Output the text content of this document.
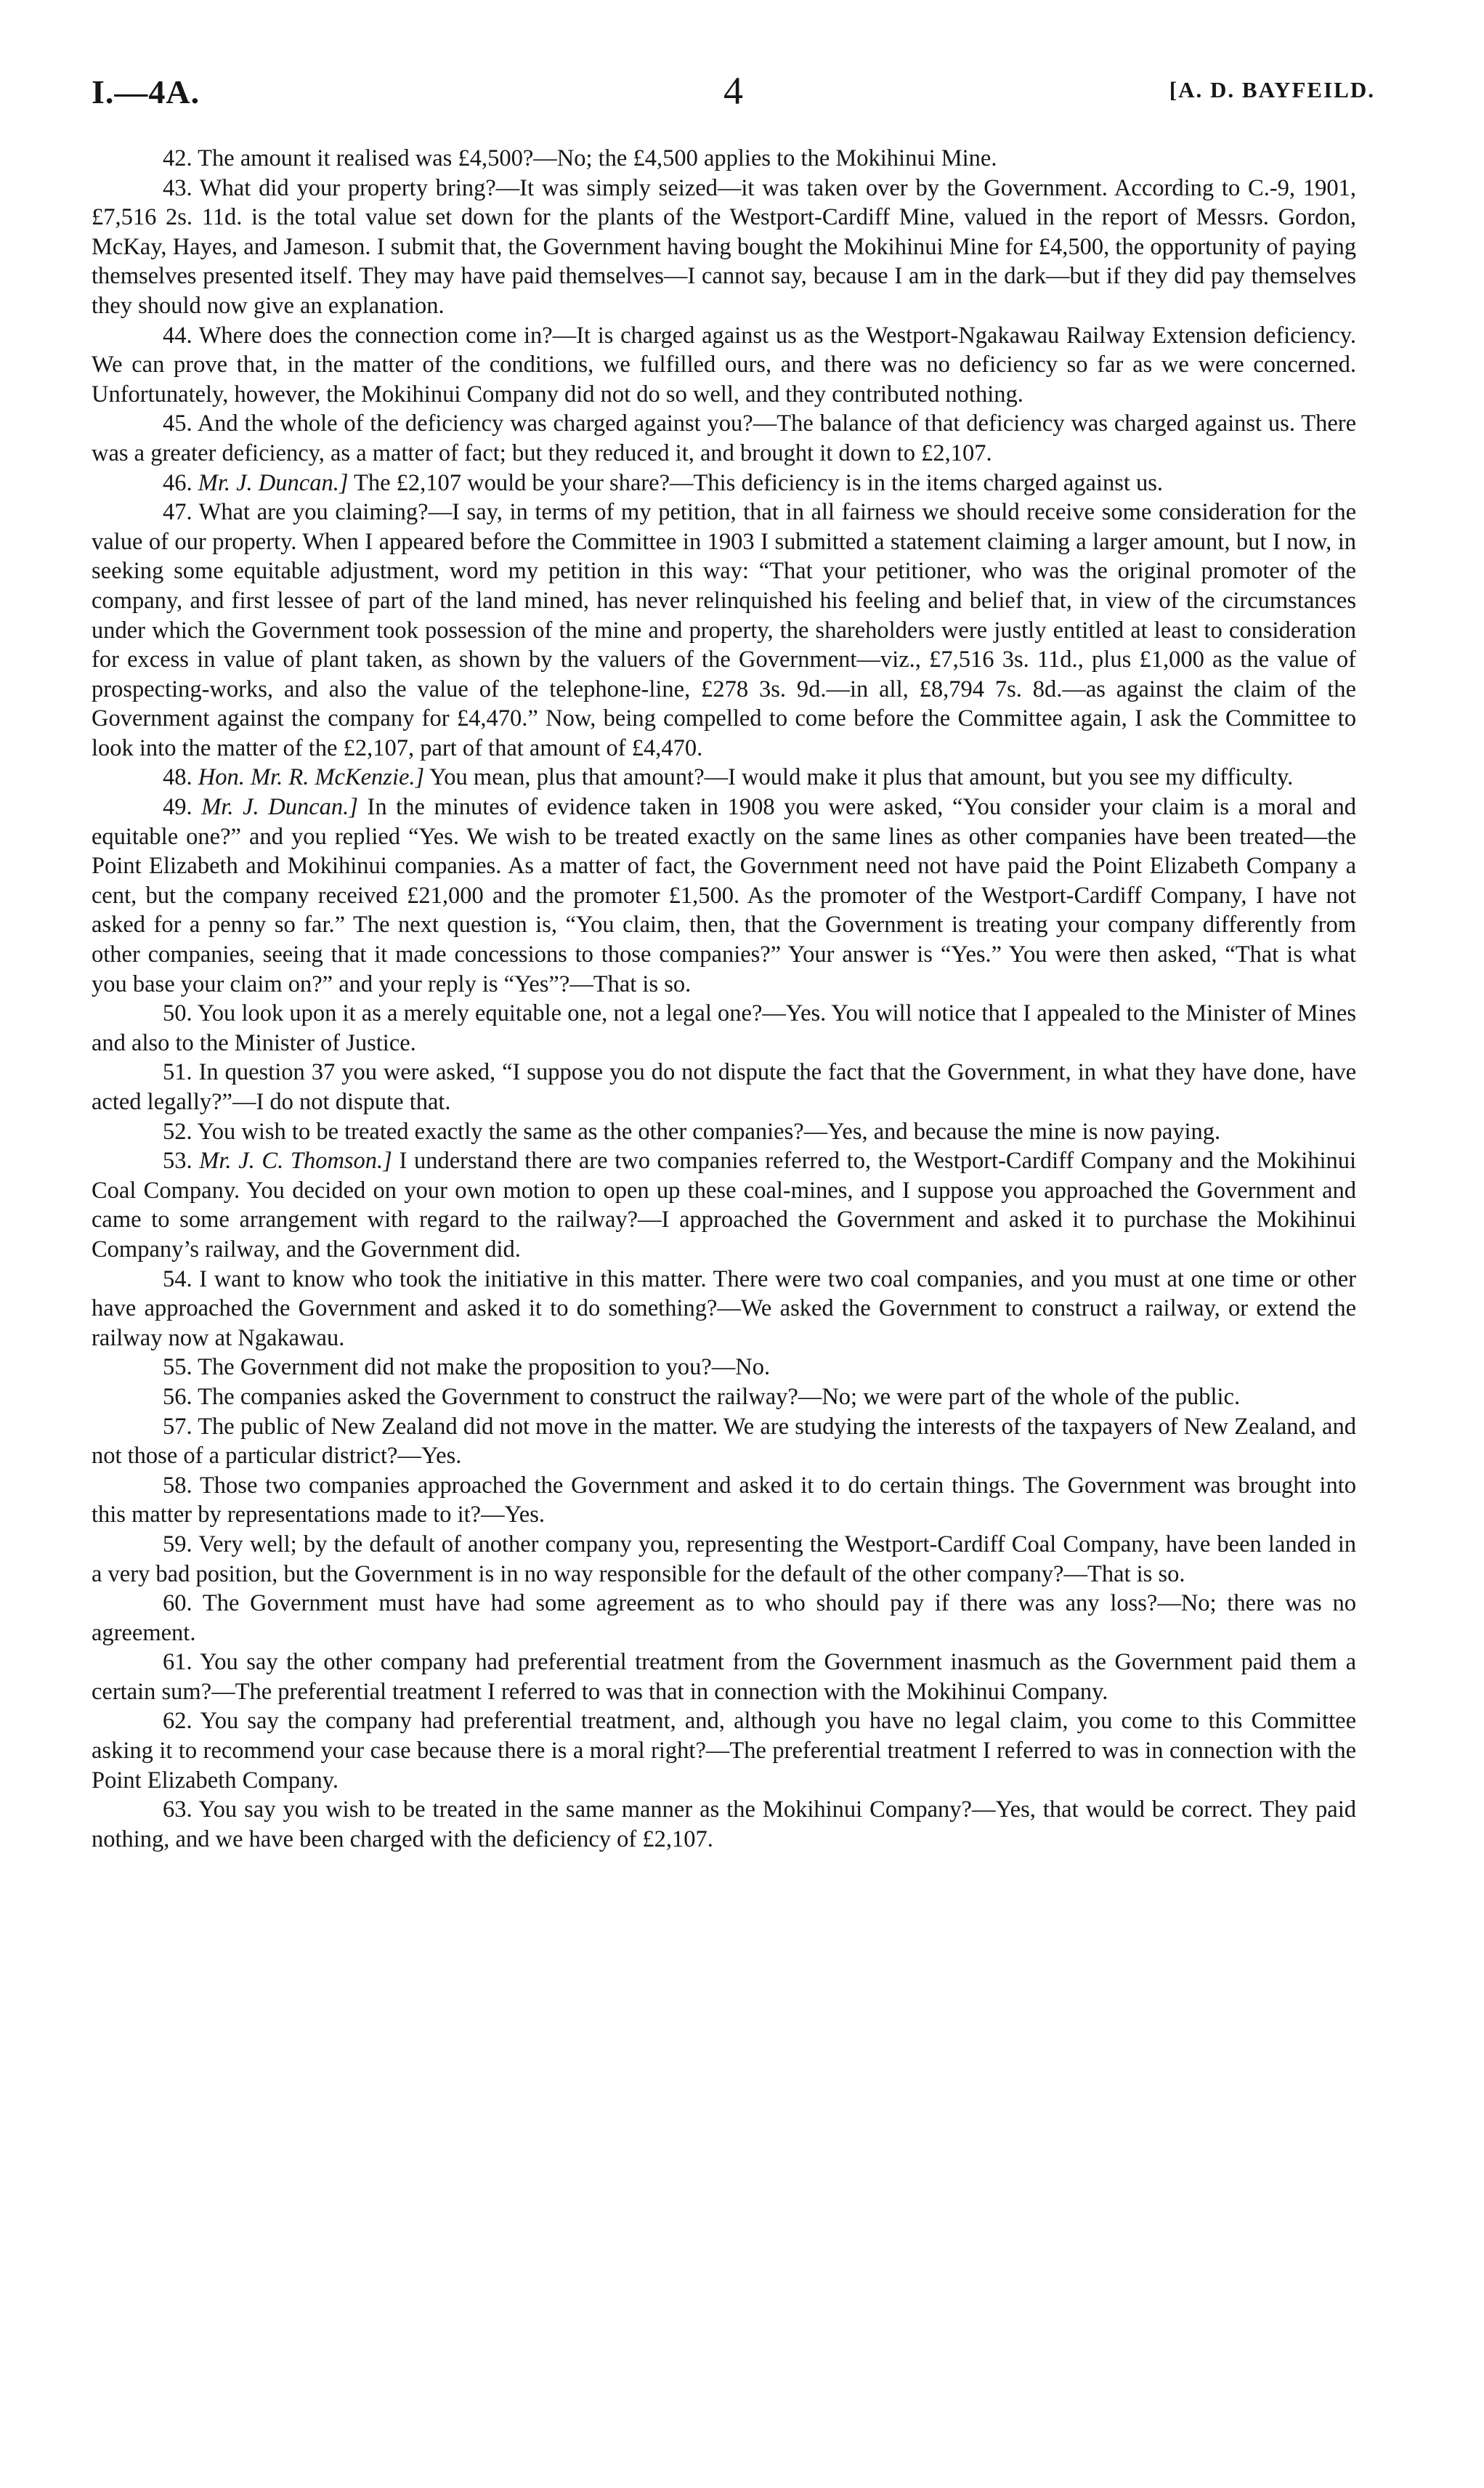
I.—4A.	4	[A. D. BAYFEILD.

42. The amount it realised was £4,500?—No; the £4,500 applies to the Mokihinui Mine.

43. What did your property bring?—It was simply seized—it was taken over by the Government. According to C.-9, 1901, £7,516 2s. 11d. is the total value set down for the plants of the Westport-Cardiff Mine, valued in the report of Messrs. Gordon, McKay, Hayes, and Jameson. I submit that, the Government having bought the Mokihinui Mine for £4,500, the opportunity of paying themselves presented itself. They may have paid themselves—I cannot say, because I am in the dark—but if they did pay themselves they should now give an explanation.

44. Where does the connection come in?—It is charged against us as the Westport-Ngakawau Railway Extension deficiency. We can prove that, in the matter of the conditions, we fulfilled ours, and there was no deficiency so far as we were concerned. Unfortunately, however, the Mokihinui Company did not do so well, and they contributed nothing.

45. And the whole of the deficiency was charged against you?—The balance of that deficiency was charged against us. There was a greater deficiency, as a matter of fact; but they reduced it, and brought it down to £2,107.

46. Mr. J. Duncan.] The £2,107 would be your share?—This deficiency is in the items charged against us.

47. What are you claiming?—I say, in terms of my petition, that in all fairness we should receive some consideration for the value of our property. When I appeared before the Committee in 1903 I submitted a statement claiming a larger amount, but I now, in seeking some equitable adjustment, word my petition in this way: “That your petitioner, who was the original promoter of the company, and first lessee of part of the land mined, has never relinquished his feeling and belief that, in view of the circumstances under which the Government took possession of the mine and property, the shareholders were justly entitled at least to consideration for excess in value of plant taken, as shown by the valuers of the Government—viz., £7,516 3s. 11d., plus £1,000 as the value of prospecting-works, and also the value of the telephone-line, £278 3s. 9d.—in all, £8,794 7s. 8d.—as against the claim of the Government against the company for £4,470.” Now, being compelled to come before the Committee again, I ask the Committee to look into the matter of the £2,107, part of that amount of £4,470.

48. Hon. Mr. R. McKenzie.] You mean, plus that amount?—I would make it plus that amount, but you see my difficulty.

49. Mr. J. Duncan.] In the minutes of evidence taken in 1908 you were asked, “You consider your claim is a moral and equitable one?” and you replied “Yes. We wish to be treated exactly on the same lines as other companies have been treated—the Point Elizabeth and Mokihinui companies. As a matter of fact, the Government need not have paid the Point Elizabeth Company a cent, but the company received £21,000 and the promoter £1,500. As the promoter of the Westport-Cardiff Company, I have not asked for a penny so far.” The next question is, “You claim, then, that the Government is treating your company differently from other companies, seeing that it made concessions to those companies?” Your answer is “Yes.” You were then asked, “That is what you base your claim on?” and your reply is “Yes”?—That is so.

50. You look upon it as a merely equitable one, not a legal one?—Yes. You will notice that I appealed to the Minister of Mines and also to the Minister of Justice.

51. In question 37 you were asked, “I suppose you do not dispute the fact that the Government, in what they have done, have acted legally?”—I do not dispute that.

52. You wish to be treated exactly the same as the other companies?—Yes, and because the mine is now paying.

53. Mr. J. C. Thomson.] I understand there are two companies referred to, the Westport-Cardiff Company and the Mokihinui Coal Company. You decided on your own motion to open up these coal-mines, and I suppose you approached the Government and came to some arrangement with regard to the railway?—I approached the Government and asked it to purchase the Mokihinui Company’s railway, and the Government did.

54. I want to know who took the initiative in this matter. There were two coal companies, and you must at one time or other have approached the Government and asked it to do something?—We asked the Government to construct a railway, or extend the railway now at Ngakawau.

55. The Government did not make the proposition to you?—No.

56. The companies asked the Government to construct the railway?—No; we were part of the whole of the public.

57. The public of New Zealand did not move in the matter. We are studying the interests of the taxpayers of New Zealand, and not those of a particular district?—Yes.

58. Those two companies approached the Government and asked it to do certain things. The Government was brought into this matter by representations made to it?—Yes.

59. Very well; by the default of another company you, representing the Westport-Cardiff Coal Company, have been landed in a very bad position, but the Government is in no way responsible for the default of the other company?—That is so.

60. The Government must have had some agreement as to who should pay if there was any loss?—No; there was no agreement.

61. You say the other company had preferential treatment from the Government inasmuch as the Government paid them a certain sum?—The preferential treatment I referred to was that in connection with the Mokihinui Company.

62. You say the company had preferential treatment, and, although you have no legal claim, you come to this Committee asking it to recommend your case because there is a moral right?—The preferential treatment I referred to was in connection with the Point Elizabeth Company.

63. You say you wish to be treated in the same manner as the Mokihinui Company?—Yes, that would be correct. They paid nothing, and we have been charged with the deficiency of £2,107.
